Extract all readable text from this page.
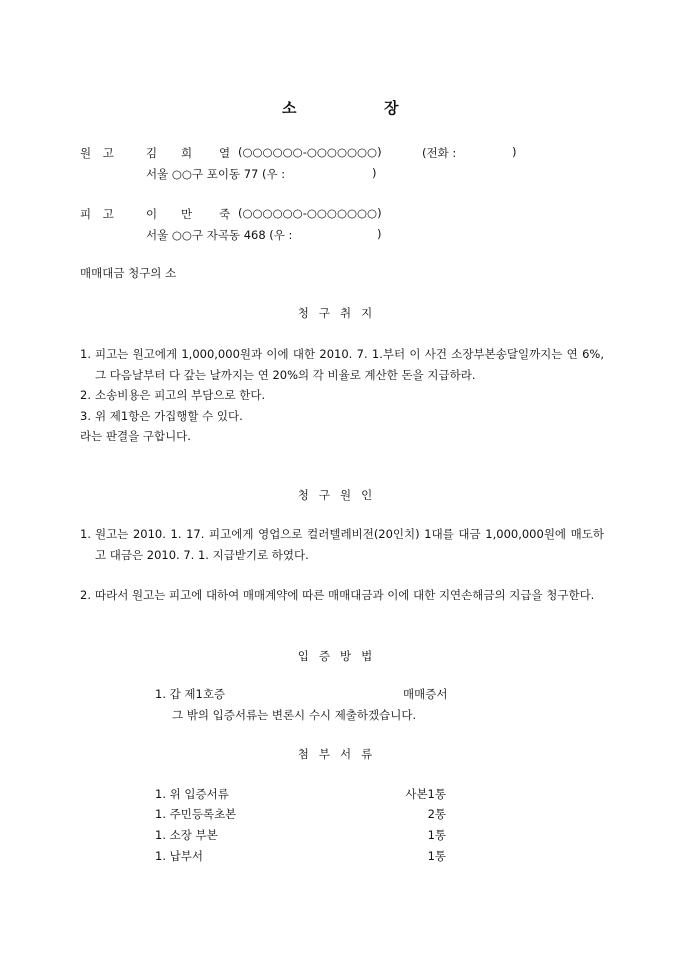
소	장
원 고 김 희 열 (○○○○○○-○○○○○○○)	(전화 :	)
서울 ○○구 포이동 77 (우 :	)
피 고 이 만 죽 (○○○○○○-○○○○○○○)
서울 ○○구 자곡동 468 (우 :	)
매매대금 청구의 소
청구취지
1. 피고는 원고에게 1,000,000원과 이에 대한 2010. 7. 1.부터 이 사건 소장부본송달일까지는 연 6%, 그 다음날부터 다 갚는 날까지는 연 20%의 각 비율로 계산한 돈을 지급하라.
2. 소송비용은 피고의 부담으로 한다.
3. 위 제1항은 가집행할 수 있다.
라는 판결을 구합니다.
청구원인
1. 원고는 2010. 1. 17. 피고에게 영업으로 컬러텔레비전(20인치) 1대를 대금 1,000,000원에 매도하고 대금은 2010. 7. 1. 지급받기로 하였다.
2. 따라서 원고는 피고에 대하여 매매계약에 따른 매매대금과 이에 대한 지연손해금의 지급을 청구한다.
입증방법
1. 갑 제1호증	매매증서
그 밖의 입증서류는 변론시 수시 제출하겠습니다.
첨부서류
1. 위 입증서류	사본1통
1. 주민등록초본	2통
1. 소장 부본	1통
1. 납부서	1통
